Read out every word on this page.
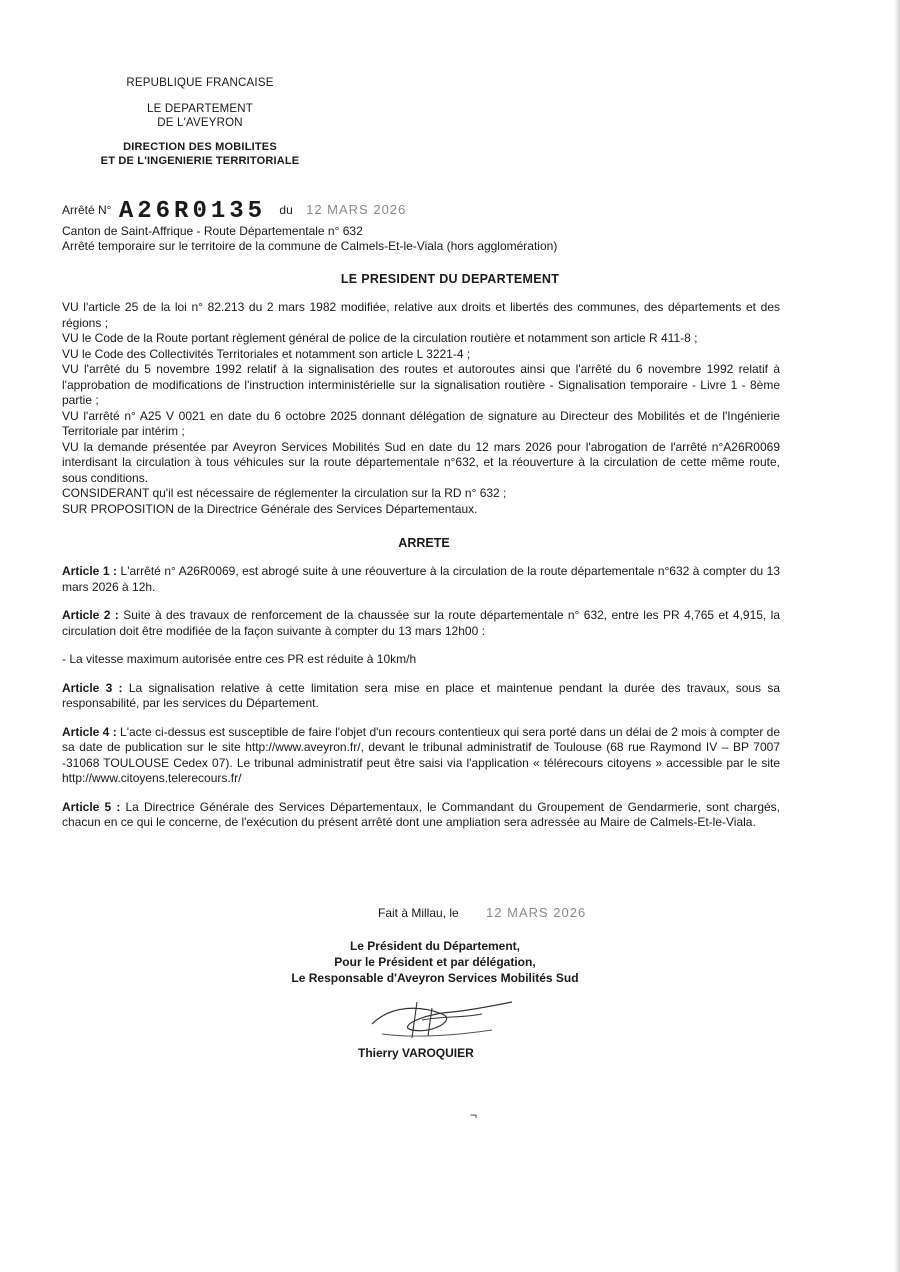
REPUBLIQUE FRANCAISE
LE DEPARTEMENT
DE L'AVEYRON
DIRECTION DES MOBILITES
ET DE L'INGENIERIE TERRITORIALE
Arrêté N° A26R0135 du 12 MARS 2026
Canton de Saint-Affrique - Route Départementale n° 632
Arrêté temporaire sur le territoire de la commune de Calmels-Et-le-Viala (hors agglomération)
LE PRESIDENT DU DEPARTEMENT

VU l'article 25 de la loi n° 82.213 du 2 mars 1982 modifiée, relative aux droits et libertés des communes, des départements et des régions ;

VU le Code de la Route portant règlement général de police de la circulation routière et notamment son article R 411-8 ;

VU le Code des Collectivités Territoriales et notamment son article L 3221-4 ;

VU l'arrêté du 5 novembre 1992 relatif à la signalisation des routes et autoroutes ainsi que l'arrêté du 6 novembre 1992 relatif à l'approbation de modifications de l'instruction interministérielle sur la signalisation routière - Signalisation temporaire - Livre 1 - 8ème partie ;

VU l'arrêté n° A25 V 0021 en date du 6 octobre 2025 donnant délégation de signature au Directeur des Mobilités et de l'Ingénierie Territoriale par intérim ;

VU la demande présentée par Aveyron Services Mobilités Sud en date du 12 mars 2026 pour l'abrogation de l'arrêté n°A26R0069 interdisant la circulation à tous véhicules sur la route départementale n°632, et la réouverture à la circulation de cette même route, sous conditions.

CONSIDERANT qu'il est nécessaire de réglementer la circulation sur la RD n° 632 ;

SUR PROPOSITION de la Directrice Générale des Services Départementaux.

ARRETE

Article 1 : L'arrêté n° A26R0069, est abrogé suite à une réouverture à la circulation de la route départementale n°632 à compter du 13 mars 2026 à 12h.

Article 2 : Suite à des travaux de renforcement de la chaussée sur la route départementale n° 632, entre les PR 4,765 et 4,915, la circulation doit être modifiée de la façon suivante à compter du 13 mars 12h00 :

- La vitesse maximum autorisée entre ces PR est réduite à 10km/h

Article 3 : La signalisation relative à cette limitation sera mise en place et maintenue pendant la durée des travaux, sous sa responsabilité, par les services du Département.

Article 4 : L'acte ci-dessus est susceptible de faire l'objet d'un recours contentieux qui sera porté dans un délai de 2 mois à compter de sa date de publication sur le site http://www.aveyron.fr/, devant le tribunal administratif de Toulouse (68 rue Raymond IV – BP 7007 -31068 TOULOUSE Cedex 07). Le tribunal administratif peut être saisi via l'application « télérecours citoyens » accessible par le site http://www.citoyens.telerecours.fr/

Article 5 : La Directrice Générale des Services Départementaux, le Commandant du Groupement de Gendarmerie, sont chargés, chacun en ce qui le concerne, de l'exécution du présent arrêté dont une ampliation sera adressée au Maire de Calmels-Et-le-Viala.

Fait à Millau, le 12 MARS 2026
Le Président du Département,
Pour le Président et par délégation,
Le Responsable d'Aveyron Services Mobilités Sud
Thierry VAROQUIER
¬
